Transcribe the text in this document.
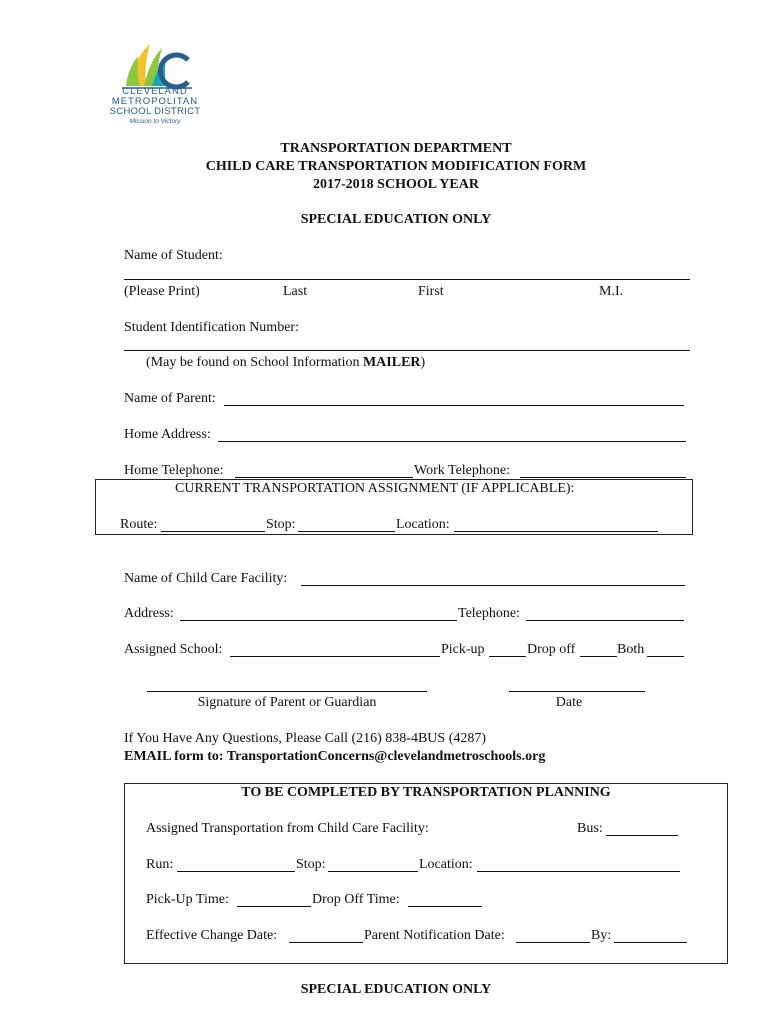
CLEVELAND
METROPOLITAN
SCHOOL DISTRICT
Mission to Victory
TRANSPORTATION DEPARTMENT
CHILD CARE TRANSPORTATION MODIFICATION FORM
2017-2018 SCHOOL YEAR
SPECIAL EDUCATION ONLY
Name of Student:
(Please Print)	Last	First	M.I.
Student Identification Number:
(May be found on School Information MAILER)
Name of Parent:
Home Address:
Home Telephone:	Work Telephone:
CURRENT TRANSPORTATION ASSIGNMENT (IF APPLICABLE):
Route:	Stop:	Location:
Name of Child Care Facility:
Address:	Telephone:
Assigned School:	Pick-up	Drop off	Both
Signature of Parent or Guardian	Date
If You Have Any Questions, Please Call (216) 838-4BUS (4287)
EMAIL form to: TransportationConcerns@clevelandmetroschools.org
TO BE COMPLETED BY TRANSPORTATION PLANNING
Assigned Transportation from Child Care Facility:	Bus:
Run:	Stop:	Location:
Pick-Up Time:	Drop Off Time:
Effective Change Date:	Parent Notification Date:	By:
SPECIAL EDUCATION ONLY
